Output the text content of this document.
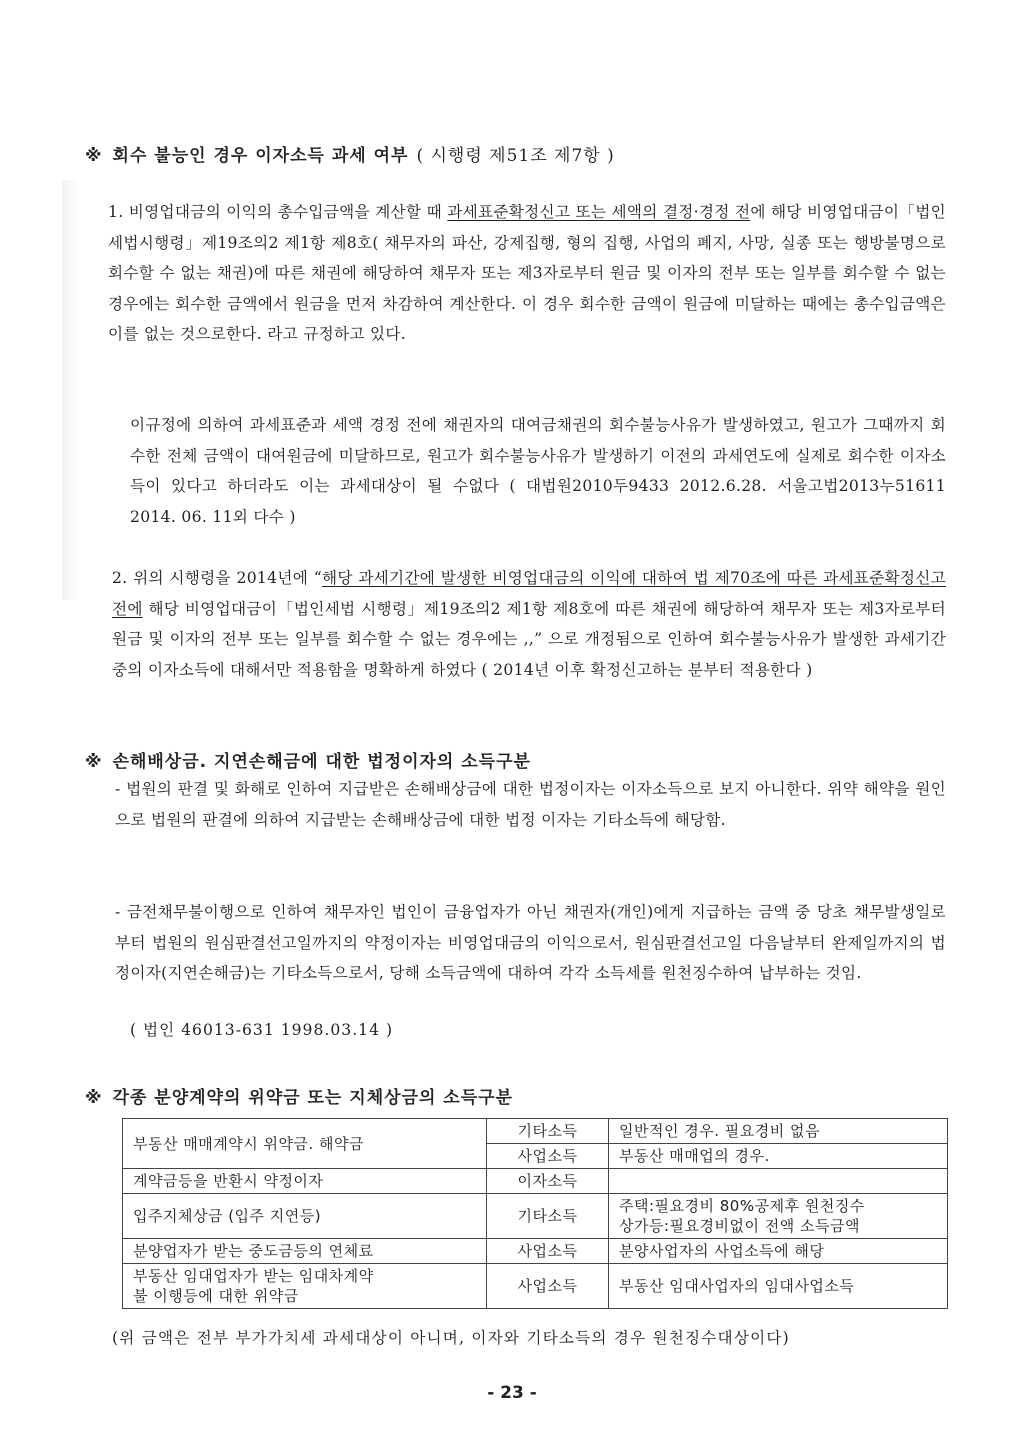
※ 회수 불능인 경우 이자소득 과세 여부 ( 시행령 제51조 제7항 )
1. 비영업대금의 이익의 총수입금액을 계산할 때 과세표준확정신고 또는 세액의 결정·경정 전에 해당 비영업대금이「법인세법시행령」제19조의2 제1항 제8호( 채무자의 파산, 강제집행, 형의 집행, 사업의 폐지, 사망, 실종 또는 행방불명으로 회수할 수 없는 채권)에 따른 채권에 해당하여 채무자 또는 제3자로부터 원금 및 이자의 전부 또는 일부를 회수할 수 없는 경우에는 회수한 금액에서 원금을 먼저 차감하여 계산한다. 이 경우 회수한 금액이 원금에 미달하는 때에는 총수입금액은 이를 없는 것으로한다. 라고 규정하고 있다.
이규정에 의하여 과세표준과 세액 경정 전에 채권자의 대여금채권의 회수불능사유가 발생하였고, 원고가 그때까지 회수한 전체 금액이 대여원금에 미달하므로, 원고가 회수불능사유가 발생하기 이전의 과세연도에 실제로 회수한 이자소득이 있다고 하더라도 이는 과세대상이 될 수없다 ( 대법원2010두9433 2012.6.28. 서울고법2013누51611 2014. 06. 11외 다수 )
2. 위의 시행령을 2014년에 “해당 과세기간에 발생한 비영업대금의 이익에 대하여 법 제70조에 따른 과세표준확정신고전에 해당 비영업대금이「법인세법 시행령」제19조의2 제1항 제8호에 따른 채권에 해당하여 채무자 또는 제3자로부터 원금 및 이자의 전부 또는 일부를 회수할 수 없는 경우에는 ,,” 으로 개정됨으로 인하여 회수불능사유가 발생한 과세기간중의 이자소득에 대해서만 적용함을 명확하게 하였다 ( 2014년 이후 확정신고하는 분부터 적용한다 )
※ 손해배상금. 지연손해금에 대한 법정이자의 소득구분
- 법원의 판결 및 화해로 인하여 지급받은 손해배상금에 대한 법정이자는 이자소득으로 보지 아니한다. 위약 해약을 원인으로 법원의 판결에 의하여 지급받는 손해배상금에 대한 법정 이자는 기타소득에 해당함.
- 금전채무불이행으로 인하여 채무자인 법인이 금융업자가 아닌 채권자(개인)에게 지급하는 금액 중 당초 채무발생일로부터 법원의 원심판결선고일까지의 약정이자는 비영업대금의 이익으로서, 원심판결선고일 다음날부터 완제일까지의 법정이자(지연손해금)는 기타소득으로서, 당해 소득금액에 대하여 각각 소득세를 원천징수하여 납부하는 것임.
( 법인 46013-631 1998.03.14 )
※ 각종 분양계약의 위약금 또는 지체상금의 소득구분
부동산 매매계약시 위약금. 해약금	기타소득	일반적인 경우. 필요경비 없음
	사업소득	부동산 매매업의 경우.
계약금등을 반환시 약정이자	이자소득	
입주지체상금 (입주 지연등)	기타소득	주택:필요경비 80%공제후 원천징수
상가등:필요경비없이 전액 소득금액

분양업자가 받는 중도금등의 연체료	사업소득	분양사업자의 사업소득에 해당

부동산 임대업자가 받는 임대차계약
불 이행등에 대한 위약금	사업소득	부동산 임대사업자의 임대사업소득
(위 금액은 전부 부가가치세 과세대상이 아니며, 이자와 기타소득의 경우 원천징수대상이다)
- 23 -
